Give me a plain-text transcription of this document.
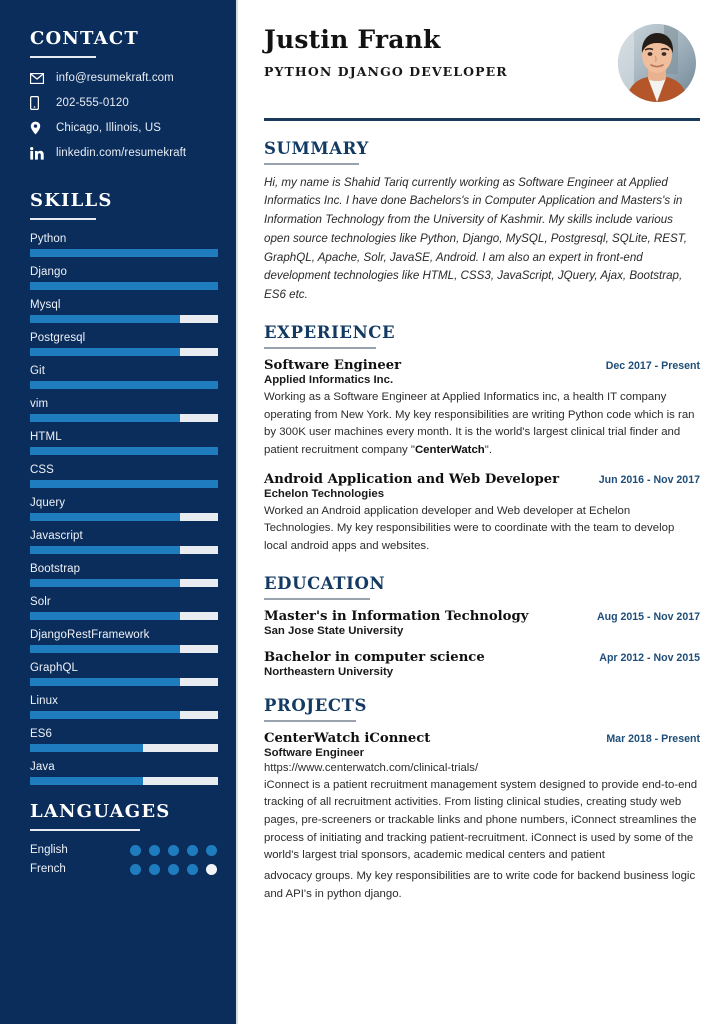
CONTACT
info@resumekraft.com
202-555-0120
Chicago, Illinois, US
linkedin.com/resumekraft
SKILLS
Python
Django
Mysql
Postgresql
Git
vim
HTML
CSS
Jquery
Javascript
Bootstrap
Solr
DjangoRestFramework
GraphQL
Linux
ES6
Java
LANGUAGES
English
French
Justin Frank
PYTHON DJANGO DEVELOPER
SUMMARY

Hi, my name is Shahid Tariq currently working as Software Engineer at Applied Informatics Inc. I have done Bachelors's in Computer Application and Masters's in Information Technology from the University of Kashmir. My skills include various open source technologies like Python, Django, MySQL, Postgresql, SQLite, REST, GraphQL, Apache, Solr, JavaSE, Android. I am also an expert in front-end development technologies like HTML, CSS3, JavaScript, JQuery, Ajax, Bootstrap, ES6 etc.

EXPERIENCE
Software Engineer	Dec 2017 - Present
Applied Informatics Inc.
Working as a Software Engineer at Applied Informatics inc, a health IT company operating from New York. My key responsibilities are writing Python code which is ran by 300K user machines every month. It is the world's largest clinical trial finder and patient recruitment company "CenterWatch".
Android Application and Web Developer	Jun 2016 - Nov 2017
Echelon Technologies
Worked an Android application developer and Web developer at Echelon Technologies. My key responsibilities were to coordinate with the team to develop local android apps and websites.
EDUCATION
Master's in Information Technology	Aug 2015 - Nov 2017
San Jose State University
Bachelor in computer science	Apr 2012 - Nov 2015
Northeastern University
PROJECTS
CenterWatch iConnect	Mar 2018 - Present
Software Engineer
https://www.centerwatch.com/clinical-trials/
iConnect is a patient recruitment management system designed to provide end-to-end tracking of all recruitment activities. From listing clinical studies, creating study web pages, pre-screeners or trackable links and phone numbers, iConnect streamlines the process of initiating and tracking patient-recruitment. iConnect is used by some of the world's largest trial sponsors, academic medical centers and patient
advocacy groups. My key responsibilities are to write code for backend business logic and API's in python django.
